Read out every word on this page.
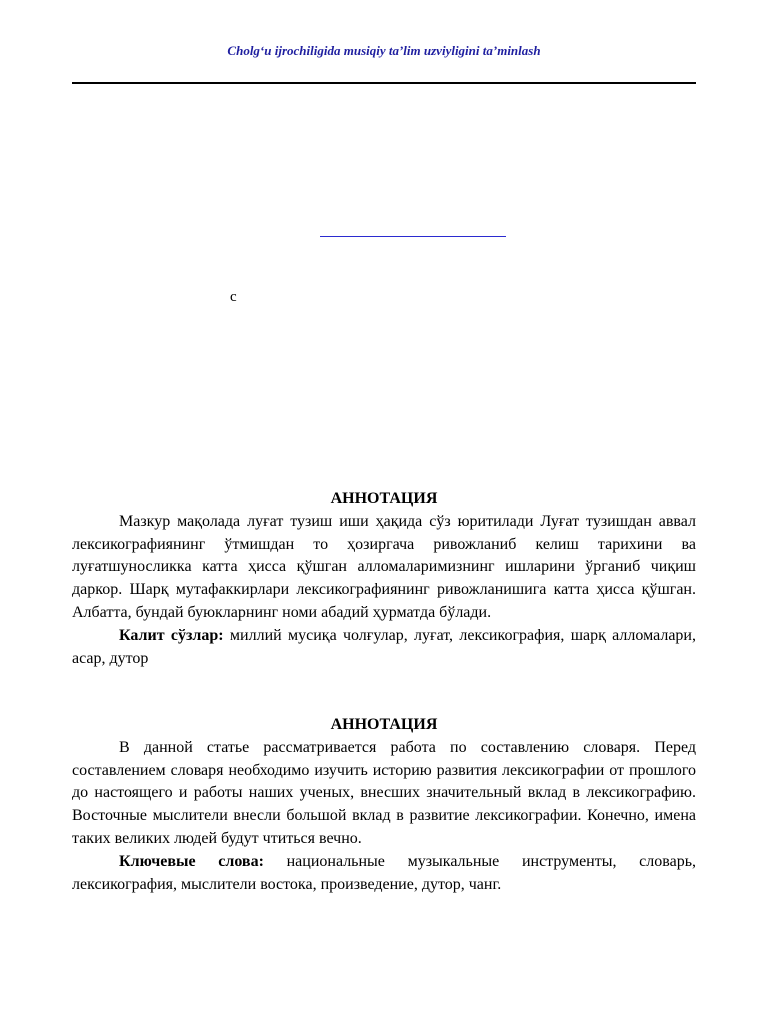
Cholg‘u ijrochiligida musiqiy ta’lim uzviyligini ta’minlash
с

АННОТАЦИЯ

Мазкур мақолада луғат тузиш иши ҳақида сўз юритилади Луғат тузишдан аввал лексикографиянинг ўтмишдан то ҳозиргача ривожланиб келиш тарихини ва луғатшуносликка катта ҳисса қўшган алломаларимизнинг ишларини ўрганиб чиқиш даркор. Шарқ мутафаккирлари лексикографиянинг ривожланишига катта ҳисса қўшган. Албатта, бундай буюкларнинг номи абадий ҳурматда бўлади.

Калит сўзлар: миллий мусиқа чолғулар, луғат, лексикография, шарқ алломалари, асар, дутор

АННОТАЦИЯ

В данной статье рассматривается работа по составлению словаря. Перед составлением словаря необходимо изучить историю развития лексикографии от прошлого до настоящего и работы наших ученых, внесших значительный вклад в лексикографию. Восточные мыслители внесли большой вклад в развитие лексикографии. Конечно, имена таких великих людей будут чтиться вечно.

Ключевые слова: национальные музыкальные инструменты, словарь, лексикография, мыслители востока, произведение, дутор, чанг.
